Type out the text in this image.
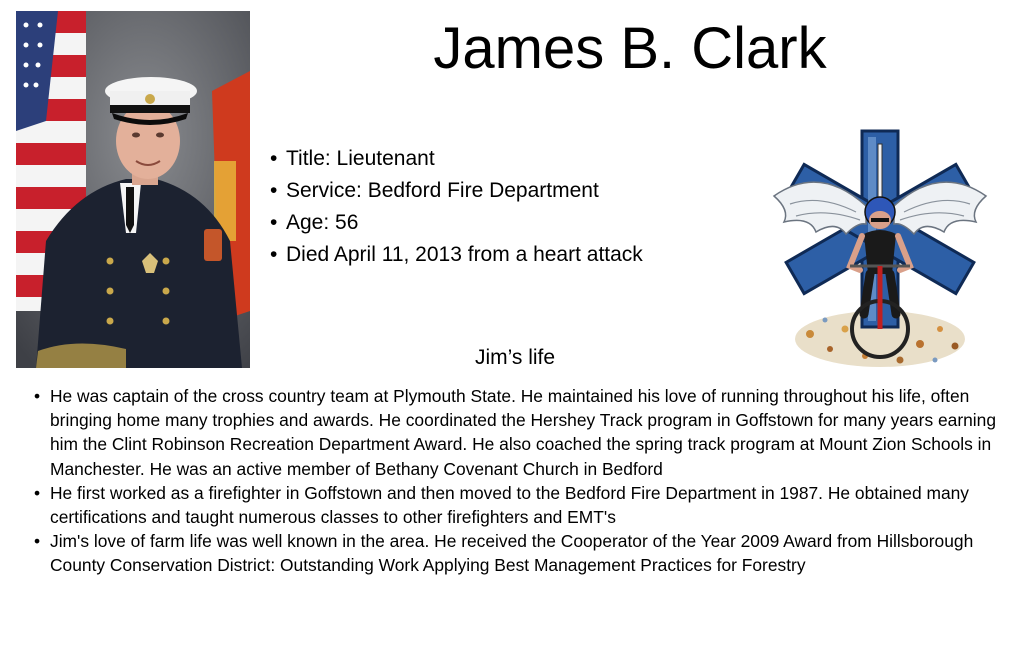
James B. Clark
• Title: Lieutenant
• Service: Bedford Fire Department
• Age: 56
• Died April 11, 2013 from a heart attack
Jim’s life
• He was captain of the cross country team at Plymouth State. He maintained his love of running throughout his life, often bringing home many trophies and awards. He coordinated the Hershey Track program in Goffstown for many years earning him the Clint Robinson Recreation Department Award. He also coached the spring track program at Mount Zion Schools in Manchester. He was an active member of Bethany Covenant Church in Bedford
• He first worked as a firefighter in Goffstown and then moved to the Bedford Fire Department in 1987. He obtained many certifications and taught numerous classes to other firefighters and EMT's
• Jim's love of farm life was well known in the area. He received the Cooperator of the Year 2009 Award from Hillsborough County Conservation District: Outstanding Work Applying Best Management Practices for Forestry
